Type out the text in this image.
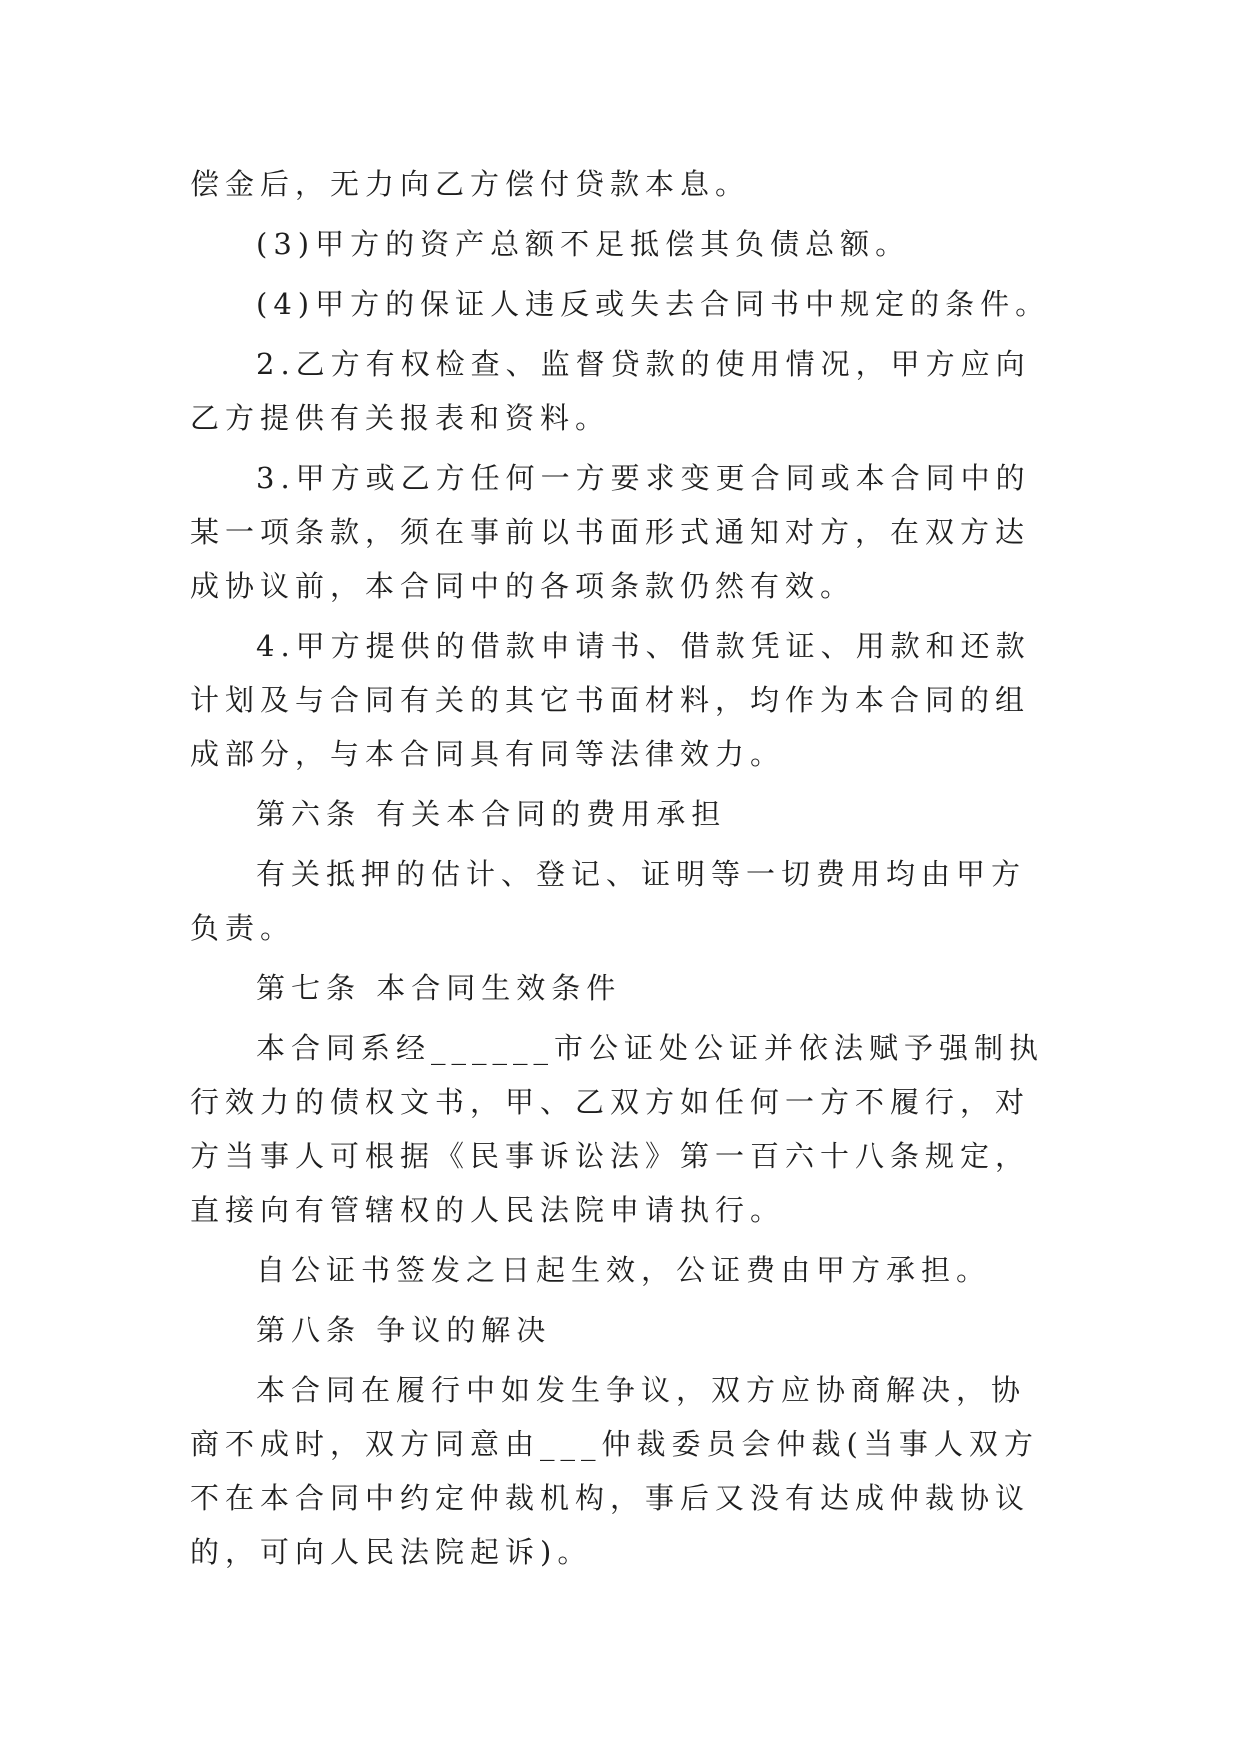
偿金后，无力向乙方偿付贷款本息。

(3)甲方的资产总额不足抵偿其负债总额。

(4)甲方的保证人违反或失去合同书中规定的条件。

2.乙方有权检查、监督贷款的使用情况，甲方应向乙方提供有关报表和资料。

3.甲方或乙方任何一方要求变更合同或本合同中的某一项条款，须在事前以书面形式通知对方，在双方达成协议前，本合同中的各项条款仍然有效。

4.甲方提供的借款申请书、借款凭证、用款和还款计划及与合同有关的其它书面材料，均作为本合同的组成部分，与本合同具有同等法律效力。

第六条 有关本合同的费用承担

有关抵押的估计、登记、证明等一切费用均由甲方负责。

第七条 本合同生效条件

本合同系经______市公证处公证并依法赋予强制执行效力的债权文书，甲、乙双方如任何一方不履行，对方当事人可根据《民事诉讼法》第一百六十八条规定，直接向有管辖权的人民法院申请执行。

自公证书签发之日起生效，公证费由甲方承担。

第八条 争议的解决

本合同在履行中如发生争议，双方应协商解决，协商不成时，双方同意由___仲裁委员会仲裁(当事人双方不在本合同中约定仲裁机构，事后又没有达成仲裁协议的，可向人民法院起诉)。
